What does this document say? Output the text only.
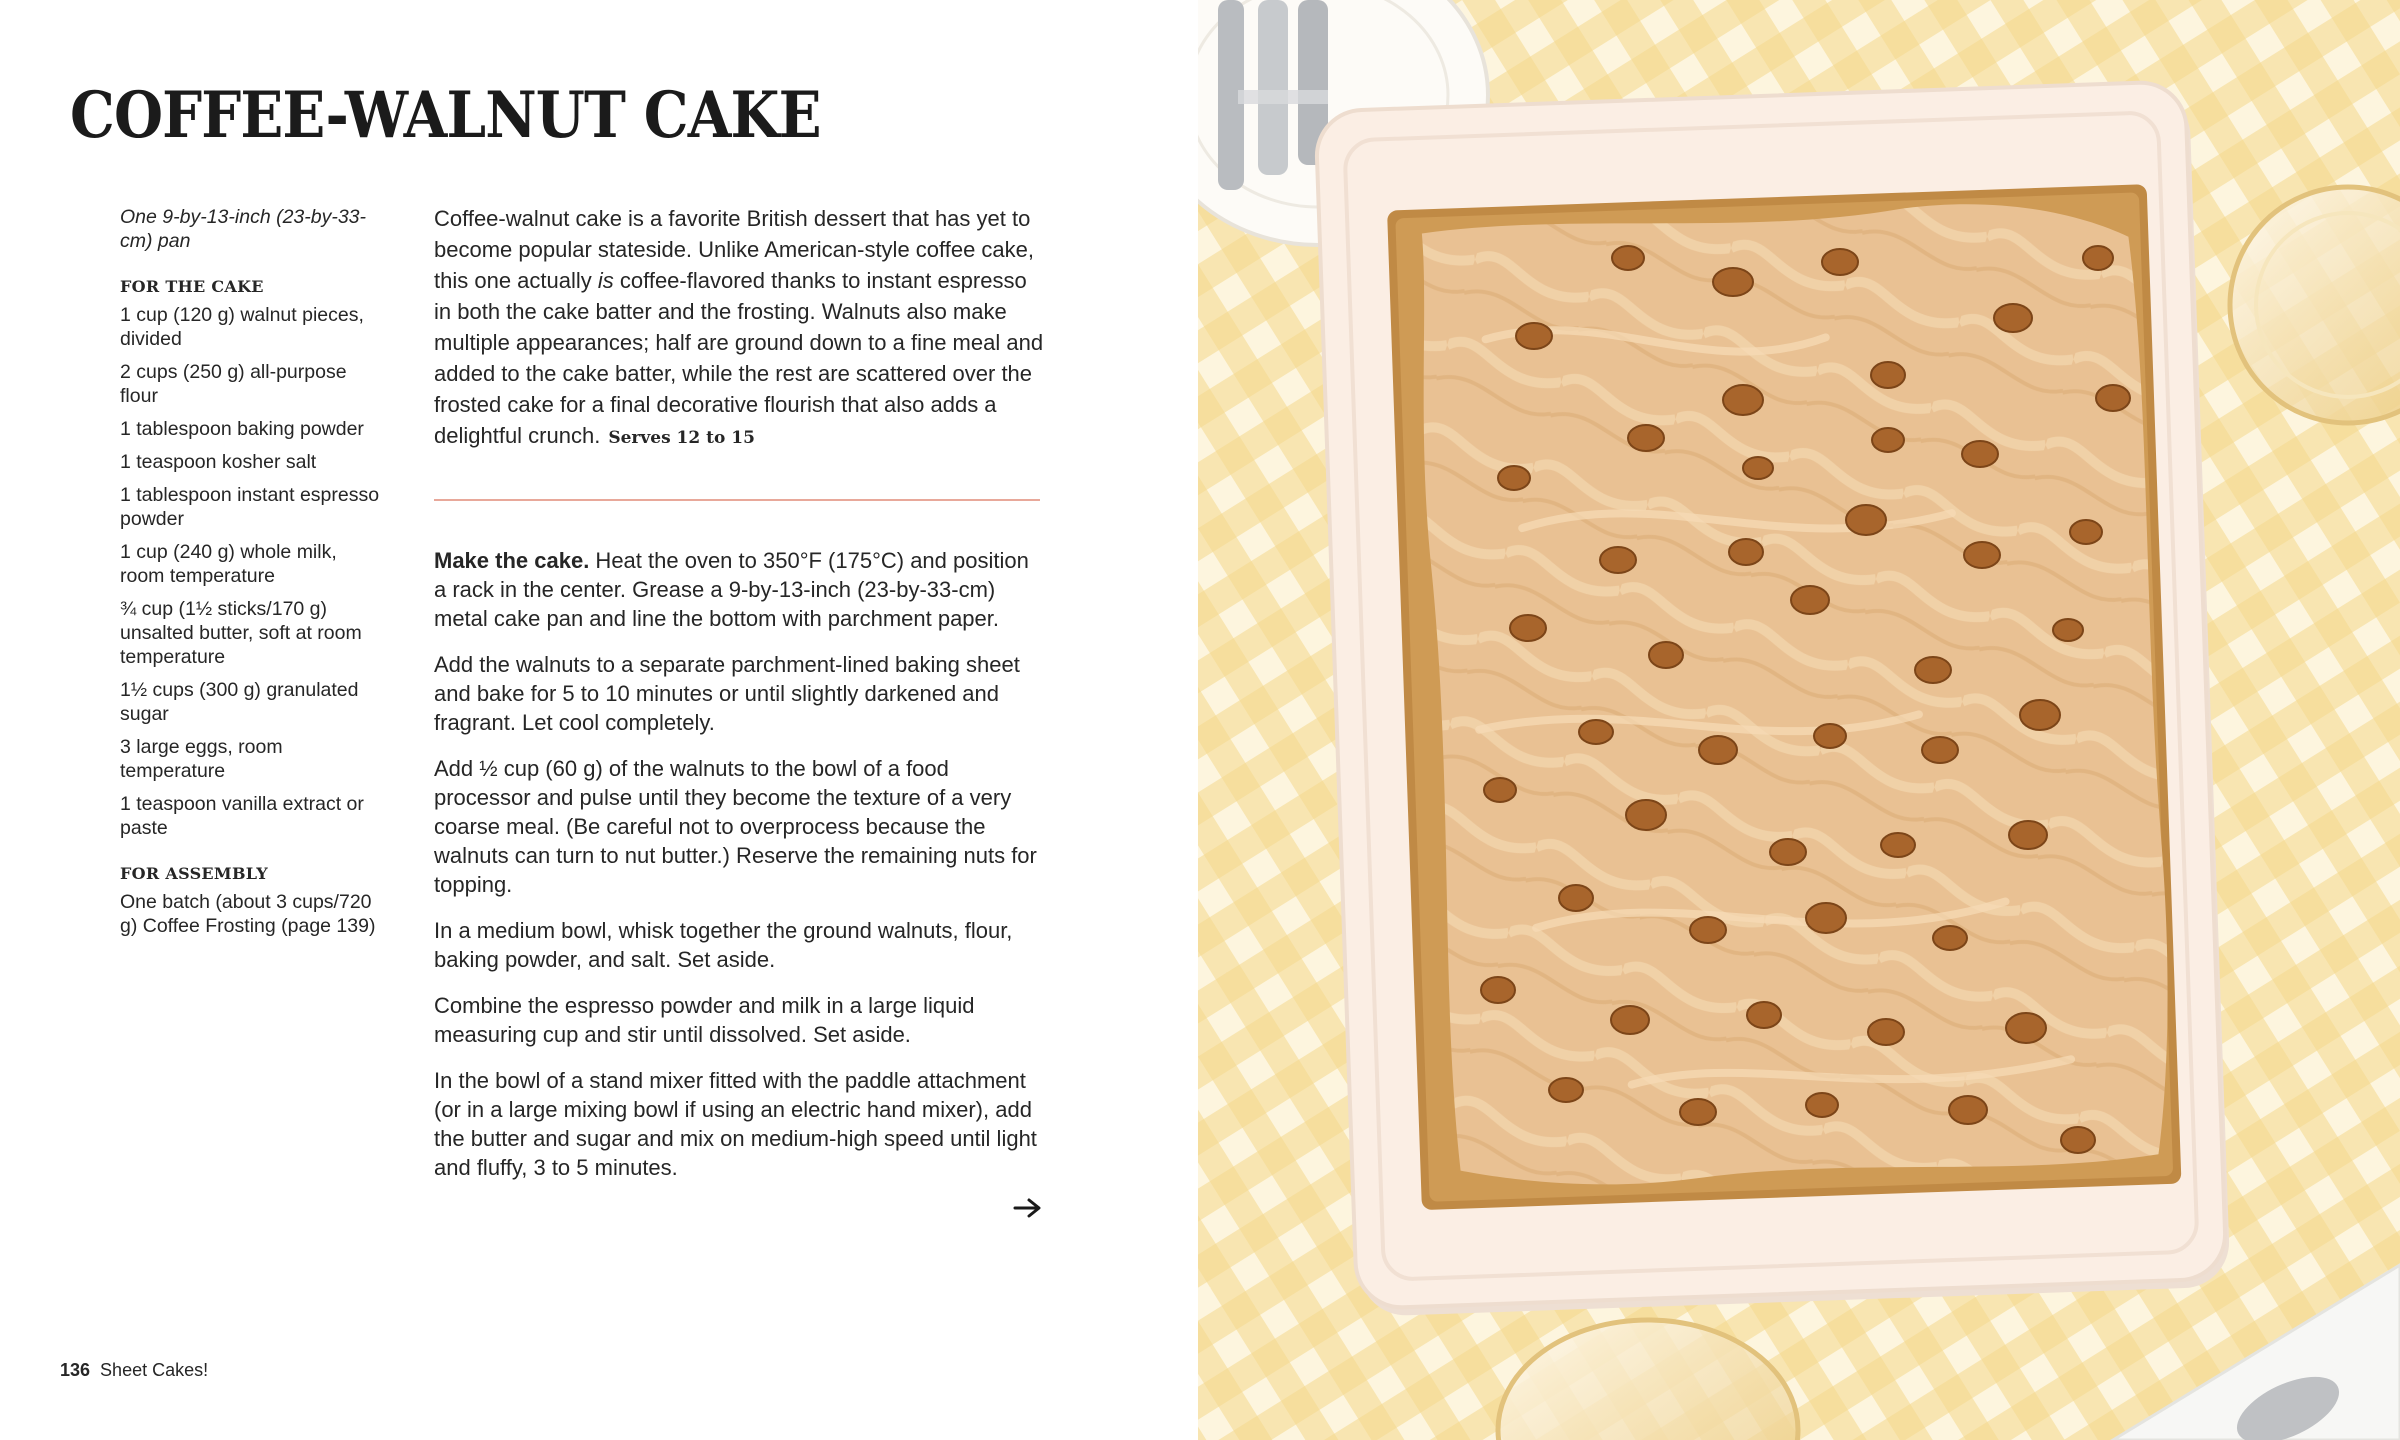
COFFEE-WALNUT CAKE
One 9-by-13-inch (23-by-33-cm) pan
FOR THE CAKE
1 cup (120 g) walnut pieces, divided
2 cups (250 g) all-purpose flour
1 tablespoon baking powder
1 teaspoon kosher salt
1 tablespoon instant espresso powder
1 cup (240 g) whole milk, room temperature
¾ cup (1½ sticks/170 g) unsalted butter, soft at room temperature
1½ cups (300 g) granulated sugar
3 large eggs, room temperature
1 teaspoon vanilla extract or paste
FOR ASSEMBLY
One batch (about 3 cups/720 g) Coffee Frosting (page 139)

Coffee-walnut cake is a favorite British dessert that has yet to become popular stateside. Unlike American-style coffee cake, this one actually is coffee-flavored thanks to instant espresso in both the cake batter and the frosting. Walnuts also make multiple appearances; half are ground down to a fine meal and added to the cake batter, while the rest are scattered over the frosted cake for a final decorative flourish that also adds a delightful crunch. Serves 12 to 15

Make the cake. Heat the oven to 350°F (175°C) and position a rack in the center. Grease a 9-by-13-inch (23-by-33-cm) metal cake pan and line the bottom with parchment paper.

Add the walnuts to a separate parchment-lined baking sheet and bake for 5 to 10 minutes or until slightly darkened and fragrant. Let cool completely.

Add ½ cup (60 g) of the walnuts to the bowl of a food processor and pulse until they become the texture of a very coarse meal. (Be careful not to overprocess because the walnuts can turn to nut butter.) Reserve the remaining nuts for topping.

In a medium bowl, whisk together the ground walnuts, flour, baking powder, and salt. Set aside.

Combine the espresso powder and milk in a large liquid measuring cup and stir until dissolved. Set aside.

In the bowl of a stand mixer fitted with the paddle attachment (or in a large mixing bowl if using an electric hand mixer), add the butter and sugar and mix on medium-high speed until light and fluffy, 3 to 5 minutes.

136 Sheet Cakes!
